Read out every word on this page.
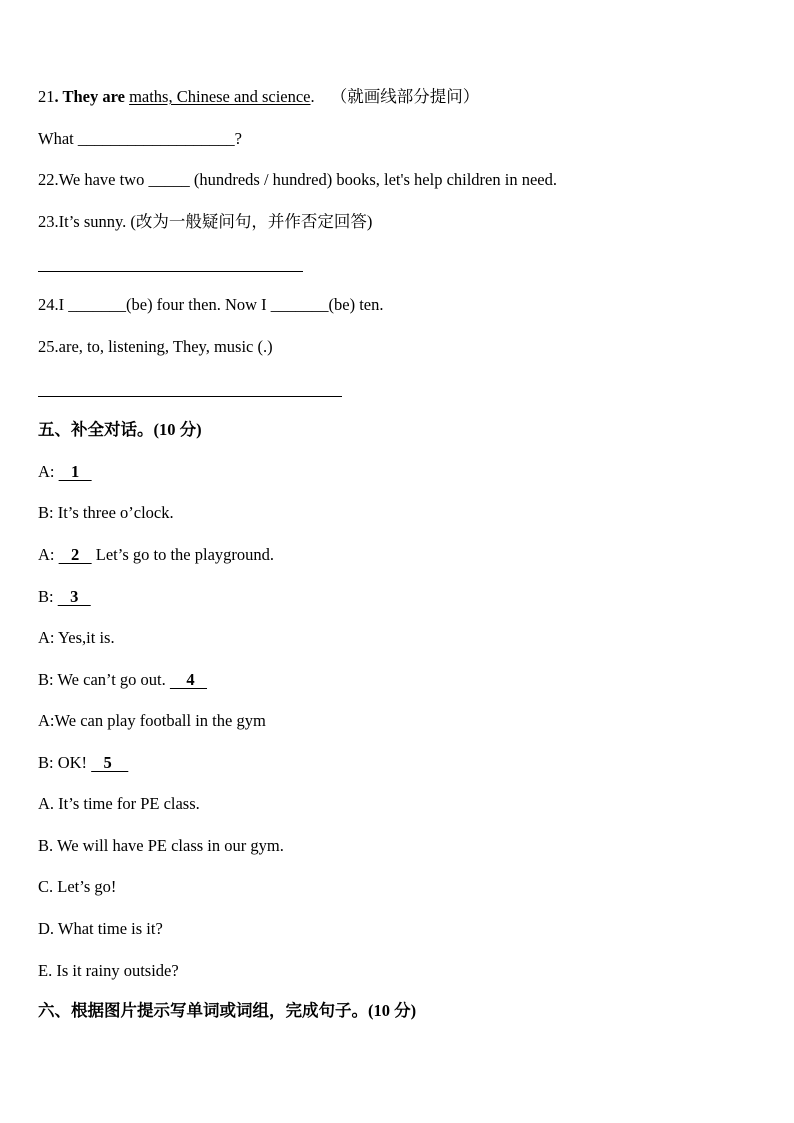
21. They are maths, Chinese and science. （就画线部分提问）
What ___________________?
22.We have two _____ (hundreds / hundred) books, let's help children in need.
23.It’s sunny. (改为一般疑问句，并作否定回答)
24.I _______(be) four then. Now I _______(be) ten.
25.are, to, listening, They, music (.)
五、补全对话。(10 分)
A:    1
B: It’s three o’clock.
A:    2    Let’s go to the playground.
B:    3
A: Yes,it is.
B: We can’t go out.     4
A:We can play football in the gym
B: OK!    5
A. It’s time for PE class.
B. We will have PE class in our gym.
C. Let’s go!
D. What time is it?
E. Is it rainy outside?
六、根据图片提示写单词或词组，完成句子。(10 分)
